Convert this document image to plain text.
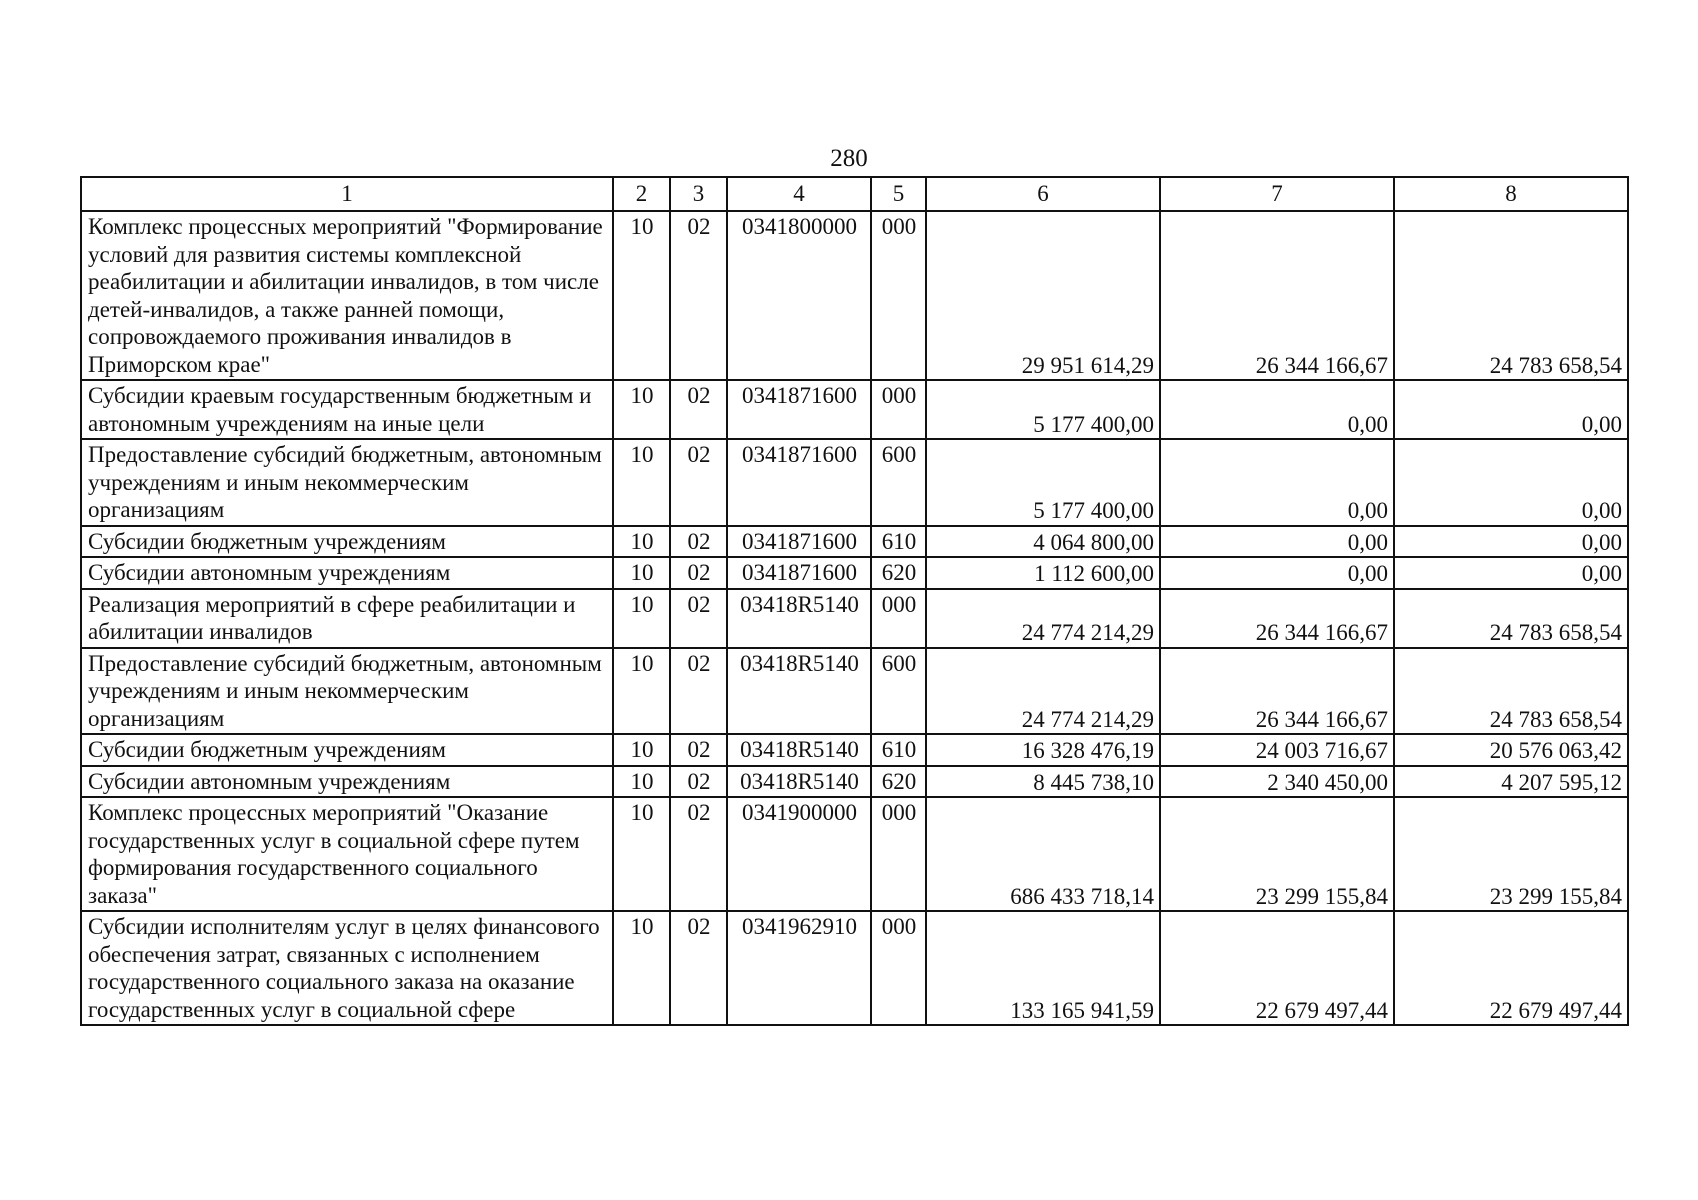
280
1	2	3	4	5	6	7	8
Комплекс процессных мероприятий "Формирование условий для развития системы комплексной реабилитации и абилитации инвалидов, в том числе детей-инвалидов, а также ранней помощи, сопровождаемого проживания инвалидов в Приморском крае"	10	02	0341800000	000	29 951 614,29	26 344 166,67	24 783 658,54
Субсидии краевым государственным бюджетным и автономным учреждениям на иные цели	10	02	0341871600	000	5 177 400,00	0,00	0,00
Предоставление субсидий бюджетным, автономным учреждениям и иным некоммерческим организациям	10	02	0341871600	600	5 177 400,00	0,00	0,00
Субсидии бюджетным учреждениям	10	02	0341871600	610	4 064 800,00	0,00	0,00
Субсидии автономным учреждениям	10	02	0341871600	620	1 112 600,00	0,00	0,00
Реализация мероприятий в сфере реабилитации и абилитации инвалидов	10	02	03418R5140	000	24 774 214,29	26 344 166,67	24 783 658,54
Предоставление субсидий бюджетным, автономным учреждениям и иным некоммерческим организациям	10	02	03418R5140	600	24 774 214,29	26 344 166,67	24 783 658,54
Субсидии бюджетным учреждениям	10	02	03418R5140	610	16 328 476,19	24 003 716,67	20 576 063,42
Субсидии автономным учреждениям	10	02	03418R5140	620	8 445 738,10	2 340 450,00	4 207 595,12
Комплекс процессных мероприятий "Оказание государственных услуг в социальной сфере путем формирования государственного социального заказа"	10	02	0341900000	000	686 433 718,14	23 299 155,84	23 299 155,84
Субсидии исполнителям услуг в целях финансового обеспечения затрат, связанных с исполнением государственного социального заказа на оказание государственных услуг в социальной сфере	10	02	0341962910	000	133 165 941,59	22 679 497,44	22 679 497,44
